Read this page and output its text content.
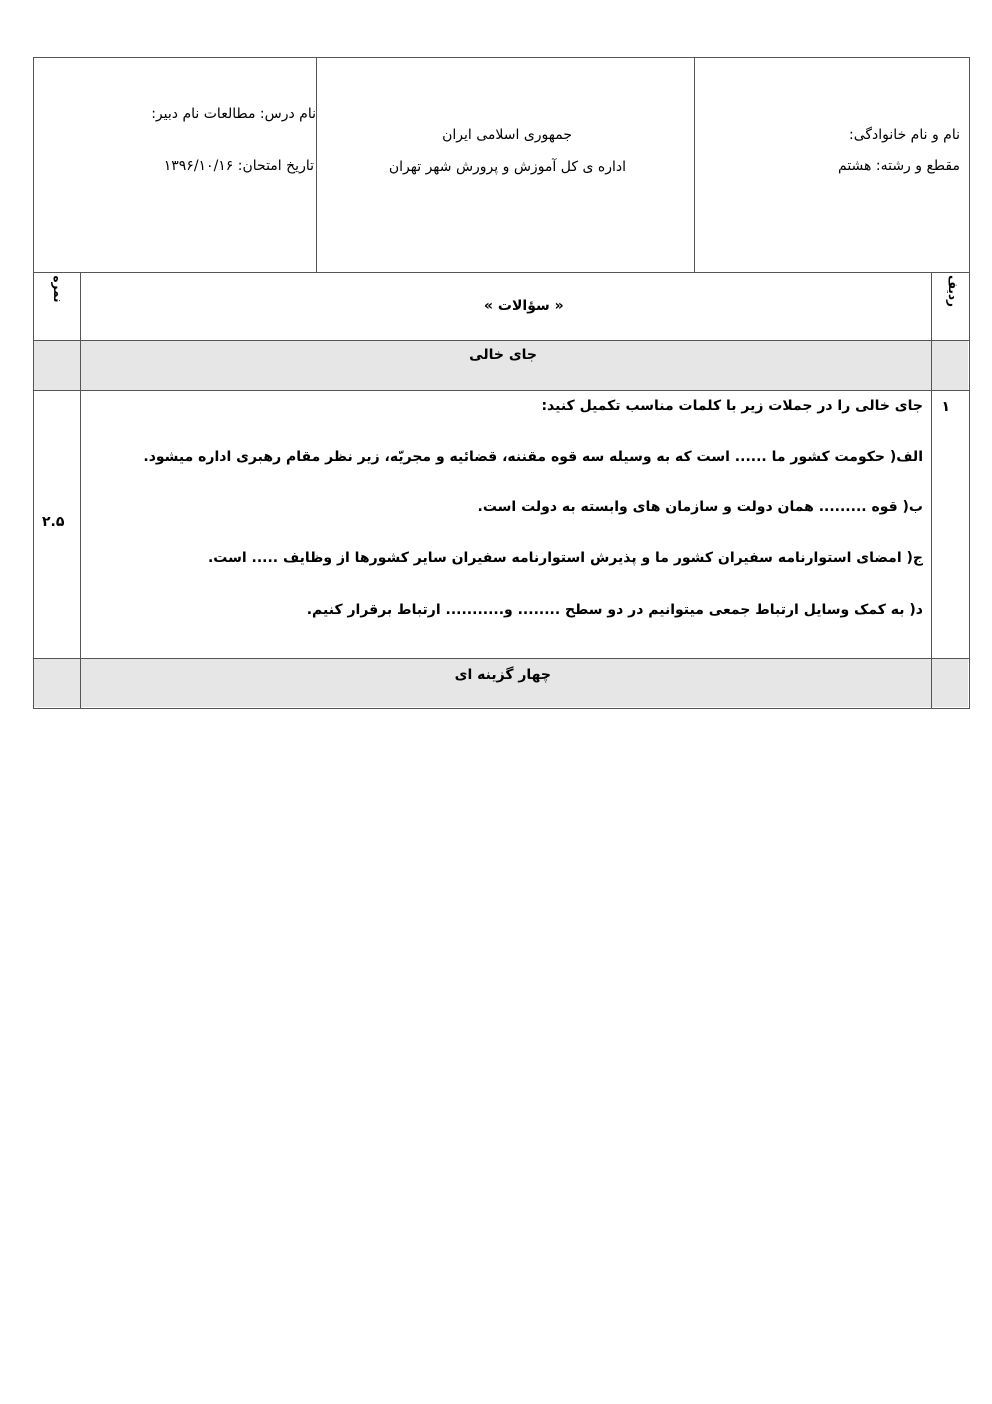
نام و نام خانوادگی:
مقطع و رشته: هشتم
جمهوری اسلامی ایران
اداره ی کل آموزش و پرورش شهر تهران
نام درس: مطالعات نام دبیر:
تاریخ امتحان: ۱۳۹۶/۱۰/۱۶
ردیف
نمره
« سؤالات »
جای خالی
۱
۲.۵
جای خالی را در جملات زیر با کلمات مناسب تکمیل کنید:
الف( حکومت کشور ما ...... است که به وسیله سه قوه مقننه، قضائیه و مجریّه، زیر نظر مقام رهبری اداره میشود.
ب( قوه ......... همان دولت و سازمان های وابسته به دولت است.
ج( امضای استوارنامه سفیران کشور ما و پذیرش استوارنامه سفیران سایر کشورها از وظایف ..... است.
د( به کمک وسایل ارتباط جمعی میتوانیم در دو سطح ........ و........... ارتباط برقرار کنیم.
چهار گزینه ای
